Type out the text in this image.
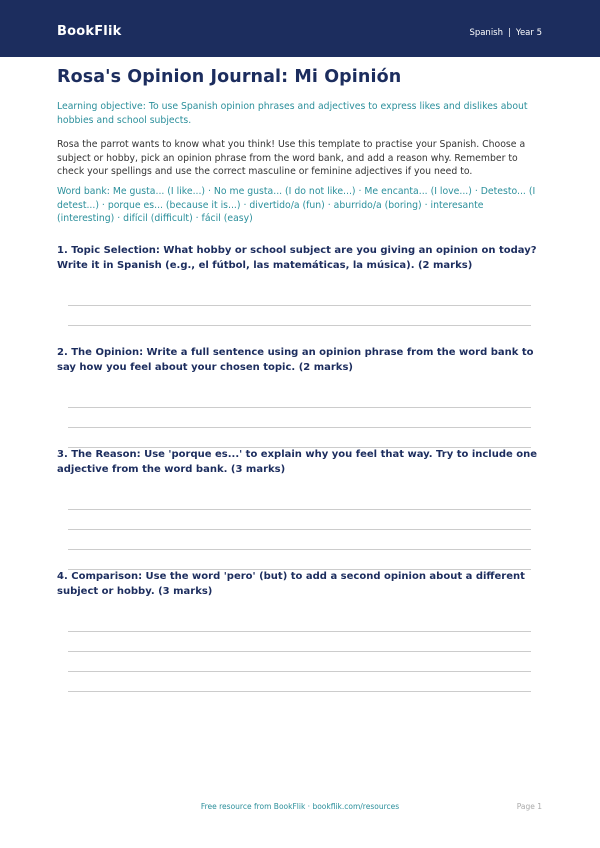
BookFlik	Spanish | Year 5
Rosa's Opinion Journal: Mi Opinión
Learning objective: To use Spanish opinion phrases and adjectives to express likes and dislikes about hobbies and school subjects.
Rosa the parrot wants to know what you think! Use this template to practise your Spanish. Choose a subject or hobby, pick an opinion phrase from the word bank, and add a reason why. Remember to check your spellings and use the correct masculine or feminine adjectives if you need to.
Word bank: Me gusta... (I like...) · No me gusta... (I do not like...) · Me encanta... (I love...) · Detesto... (I detest...) · porque es... (because it is...) · divertido/a (fun) · aburrido/a (boring) · interesante (interesting) · difícil (difficult) · fácil (easy)
1. Topic Selection: What hobby or school subject are you giving an opinion on today? Write it in Spanish (e.g., el fútbol, las matemáticas, la música). (2 marks)
2. The Opinion: Write a full sentence using an opinion phrase from the word bank to say how you feel about your chosen topic. (2 marks)
3. The Reason: Use 'porque es...' to explain why you feel that way. Try to include one adjective from the word bank. (3 marks)
4. Comparison: Use the word 'pero' (but) to add a second opinion about a different subject or hobby. (3 marks)
Free resource from BookFlik · bookflik.com/resources	Page 1
